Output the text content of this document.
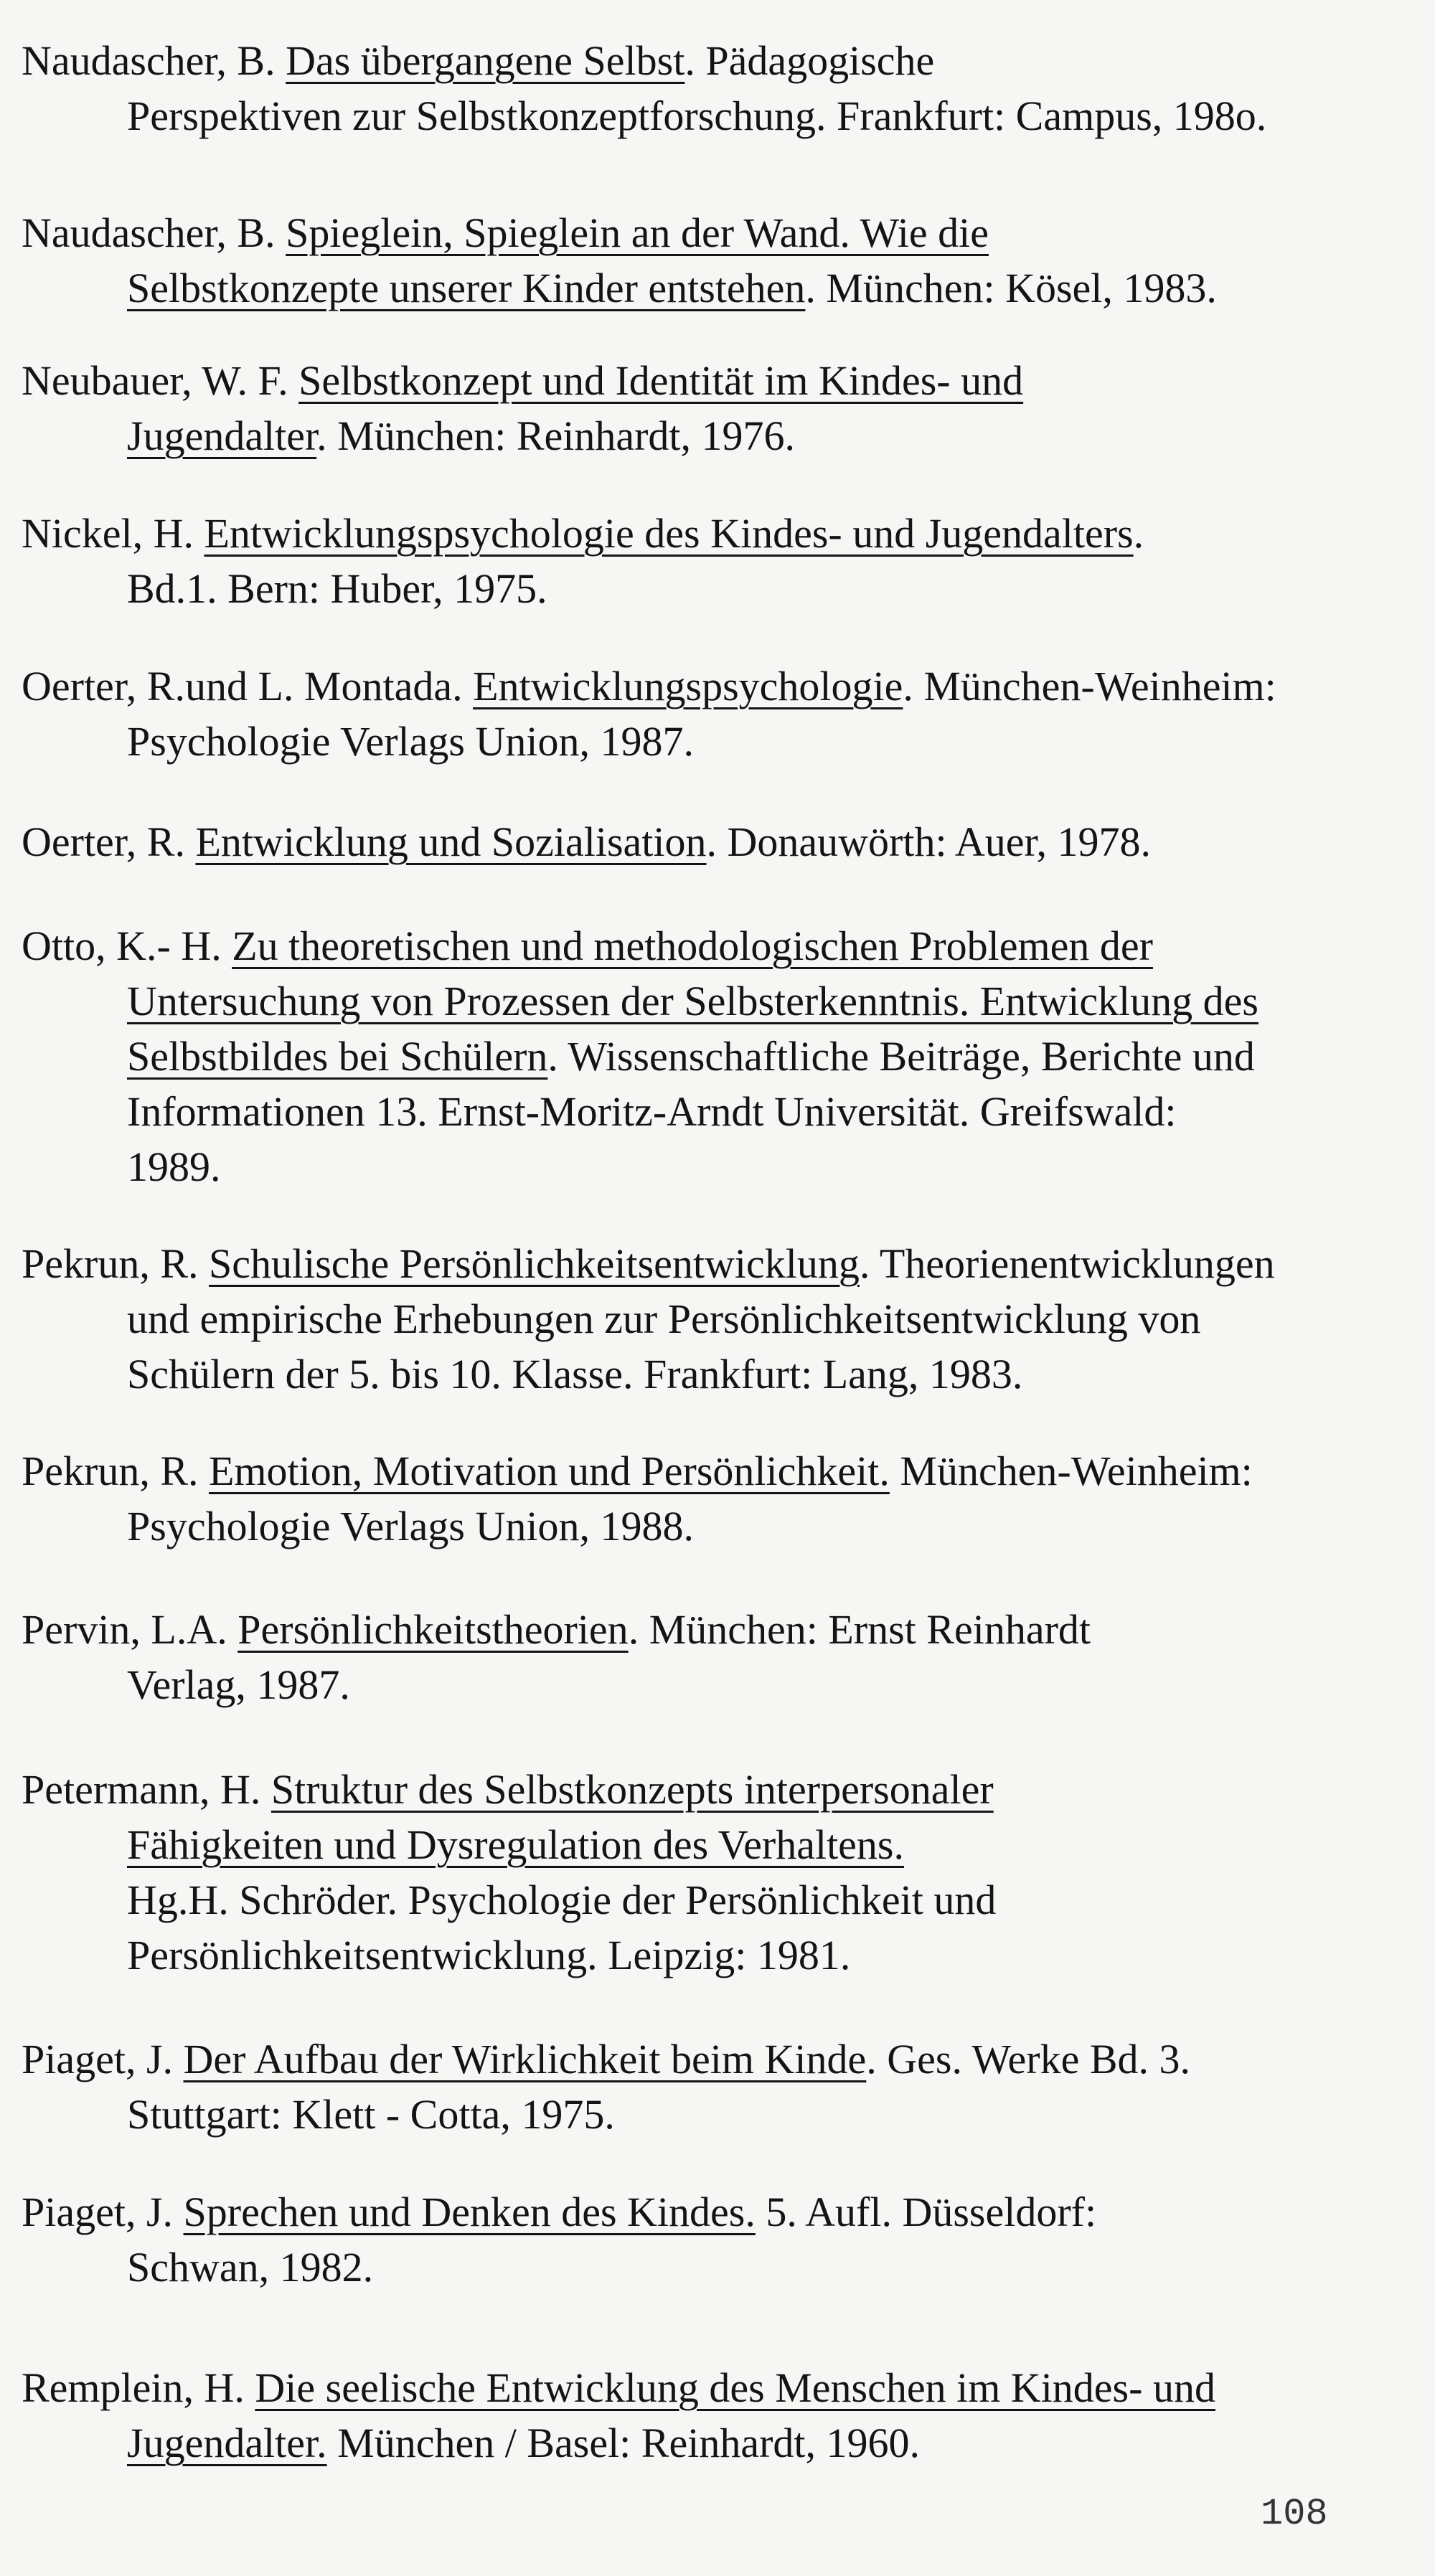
Naudascher, B. Das übergangene Selbst. Pädagogische
Perspektiven zur Selbstkonzeptforschung. Frankfurt: Campus, 198o.
Naudascher, B. Spieglein, Spieglein an der Wand. Wie die
Selbstkonzepte unserer Kinder entstehen. München: Kösel, 1983.
Neubauer, W. F. Selbstkonzept und Identität im Kindes- und
Jugendalter. München: Reinhardt, 1976.
Nickel, H. Entwicklungspsychologie des Kindes- und Jugendalters.
Bd.1. Bern: Huber, 1975.
Oerter, R.und L. Montada. Entwicklungspsychologie. München-Weinheim:
Psychologie Verlags Union, 1987.
Oerter, R. Entwicklung und Sozialisation. Donauwörth: Auer, 1978.
Otto, K.- H. Zu theoretischen und methodologischen Problemen der
Untersuchung von Prozessen der Selbsterkenntnis. Entwicklung des
Selbstbildes bei Schülern. Wissenschaftliche Beiträge, Berichte und
Informationen 13. Ernst-Moritz-Arndt Universität. Greifswald:
1989.
Pekrun, R. Schulische Persönlichkeitsentwicklung. Theorienentwicklungen
und empirische Erhebungen zur Persönlichkeitsentwicklung von
Schülern der 5. bis 10. Klasse. Frankfurt: Lang, 1983.
Pekrun, R. Emotion, Motivation und Persönlichkeit. München-Weinheim:
Psychologie Verlags Union, 1988.
Pervin, L.A. Persönlichkeitstheorien. München: Ernst Reinhardt
Verlag, 1987.
Petermann, H. Struktur des Selbstkonzepts interpersonaler
Fähigkeiten und Dysregulation des Verhaltens.
Hg.H. Schröder. Psychologie der Persönlichkeit und
Persönlichkeitsentwicklung. Leipzig: 1981.
Piaget, J. Der Aufbau der Wirklichkeit beim Kinde. Ges. Werke Bd. 3.
Stuttgart: Klett - Cotta, 1975.
Piaget, J. Sprechen und Denken des Kindes. 5. Aufl. Düsseldorf:
Schwan, 1982.
Remplein, H. Die seelische Entwicklung des Menschen im Kindes- und
Jugendalter. München / Basel: Reinhardt, 1960.
108
